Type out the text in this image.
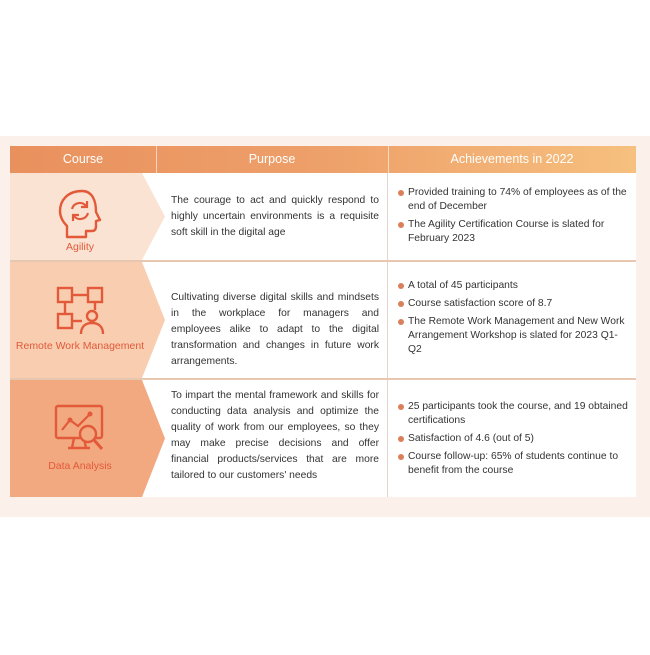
Course	Purpose	Achievements in 2022
Agility
The courage to act and quickly respond to highly uncertain environments is a requisite soft skill in the digital age
Provided training to 74% of employees as of the end of December
The Agility Certification Course is slated for February 2023
Remote Work Management
Cultivating diverse digital skills and mindsets in the workplace for managers and employees alike to adapt to the digital transformation and changes in future work arrangements.
A total of 45 participants
Course satisfaction score of 8.7
The Remote Work Management and New Work Arrangement Workshop is slated for 2023 Q1-Q2
Data Analysis
To impart the mental framework and skills for conducting data analysis and optimize the quality of work from our employees, so they may make precise decisions and offer financial products/services that are more tailored to our customers' needs
25 participants took the course, and 19 obtained certifications
Satisfaction of 4.6 (out of 5)
Course follow-up: 65% of students continue to benefit from the course
